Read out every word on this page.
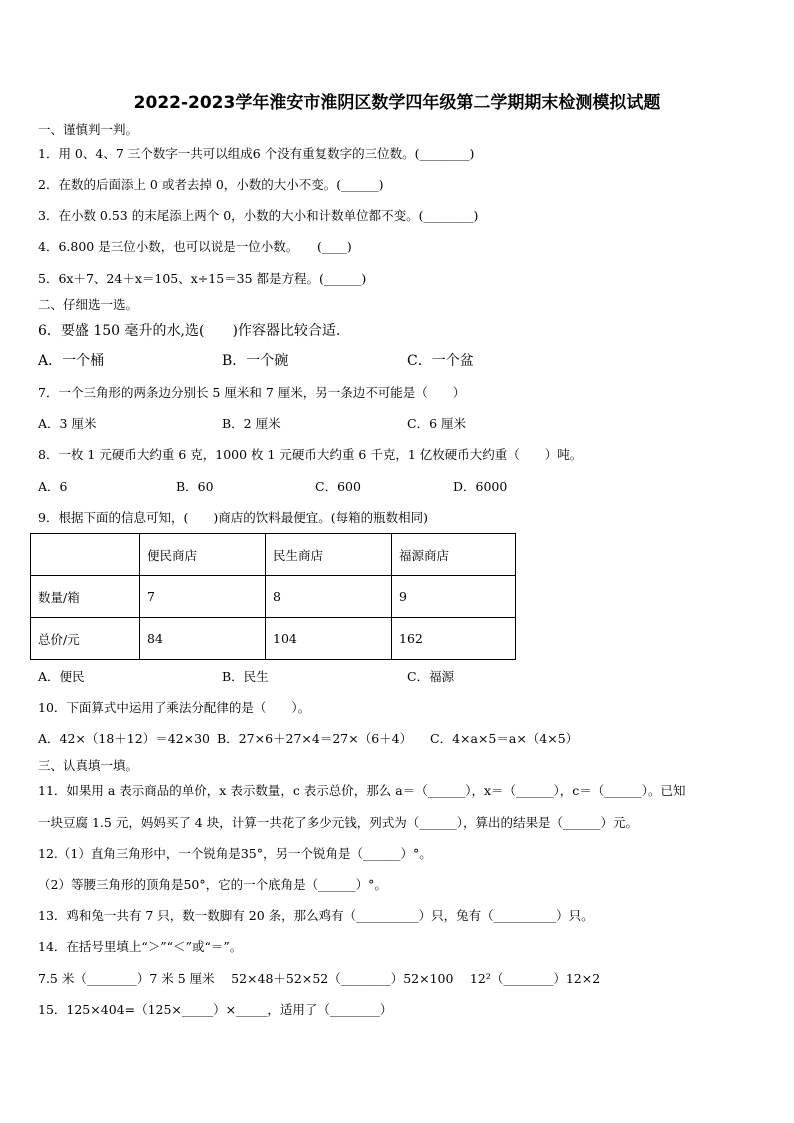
2022-2023学年淮安市淮阴区数学四年级第二学期期末检测模拟试题
一、谨慎判一判。
1．用 0、4、7 三个数字一共可以组成6 个没有重复数字的三位数。(________)
2．在数的后面添上 0 或者去掉 0，小数的大小不变。(______)
3．在小数 0.53 的末尾添上两个 0，小数的大小和计数单位都不变。(________)
4．6.800 是三位小数，也可以说是一位小数。　　(____)
5．6x＋7、24＋x＝105、x÷15＝35 都是方程。(______)
二、仔细选一选。
6．要盛 150 毫升的水,选(　　)作容器比较合适.
A．一个桶	B．一个碗	C．一个盆
7．一个三角形的两条边分别长 5 厘米和 7 厘米，另一条边不可能是（　　）
A．3 厘米	B．2 厘米	C．6 厘米
8．一枚 1 元硬币大约重 6 克，1000 枚 1 元硬币大约重 6 千克，1 亿枚硬币大约重（　　）吨。
A．6	B．60	C．600	D．6000
9．根据下面的信息可知，(　　)商店的饮料最便宜。(每箱的瓶数相同)
	便民商店	民生商店	福源商店
数量/箱	7	8	9
总价/元	84	104	162
A．便民	B．民生	C．福源
10．下面算式中运用了乘法分配律的是（　　）。
A．42×（18＋12）＝42×30 B．27×6＋27×4＝27×（6＋4） C．4×a×5＝a×（4×5）
三、认真填一填。
11．如果用 a 表示商品的单价，x 表示数量，c 表示总价，那么 a＝（______），x＝（______），c＝（______）。已知
一块豆腐 1.5 元，妈妈买了 4 块，计算一共花了多少元钱，列式为（______），算出的结果是（______）元。
12.（1）直角三角形中，一个锐角是35°，另一个锐角是（______）°。
（2）等腰三角形的顶角是50°，它的一个底角是（______）°。
13．鸡和兔一共有 7 只，数一数脚有 20 条，那么鸡有（__________）只，兔有（__________）只。
14．在括号里填上“＞”“＜”或“＝”。
7.5 米（________）7 米 5 厘米　 52×48＋52×52（________）52×100　 12²（________）12×2
15．125×404=（125×_____）×_____，适用了（________）
